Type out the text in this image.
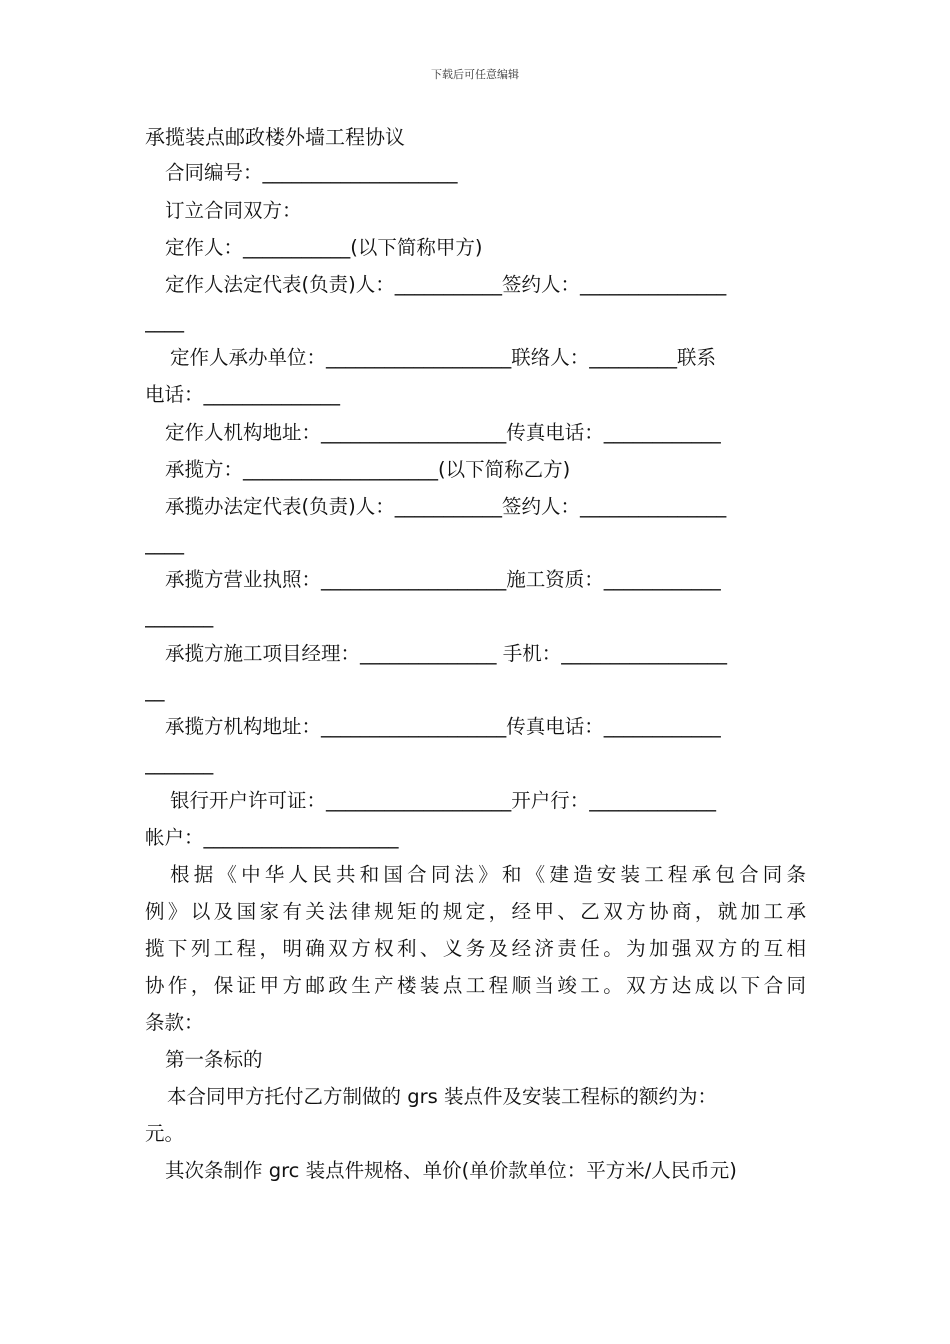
下载后可任意编辑
承揽装点邮政楼外墙工程协议
合同编号：____________________
订立合同双方：
定作人：___________(以下简称甲方)
定作人法定代表(负责)人：___________签约人：_______________
____
定作人承办单位：___________________联络人：_________联系
电话：______________
定作人机构地址：___________________传真电话：____________
承揽方：____________________(以下简称乙方)
承揽办法定代表(负责)人：___________签约人：_______________
____
承揽方营业执照：___________________施工资质：____________
_______
承揽方施工项目经理：______________ 手机：_________________
__
承揽方机构地址：___________________传真电话：____________
_______
银行开户许可证：___________________开户行：_____________
帐户：____________________
根据《中华人民共和国合同法》和《建造安装工程承包合同条
例》以及国家有关法律规矩的规定，经甲、乙双方协商，就加工承
揽下列工程，明确双方权利、义务及经济责任。为加强双方的互相
协作，保证甲方邮政生产楼装点工程顺当竣工。双方达成以下合同
条款：
第一条标的
本合同甲方托付乙方制做的 grs 装点件及安装工程标的额约为：
元。
其次条制作 grc 装点件规格、单价(单价款单位：平方米/人民币元)
